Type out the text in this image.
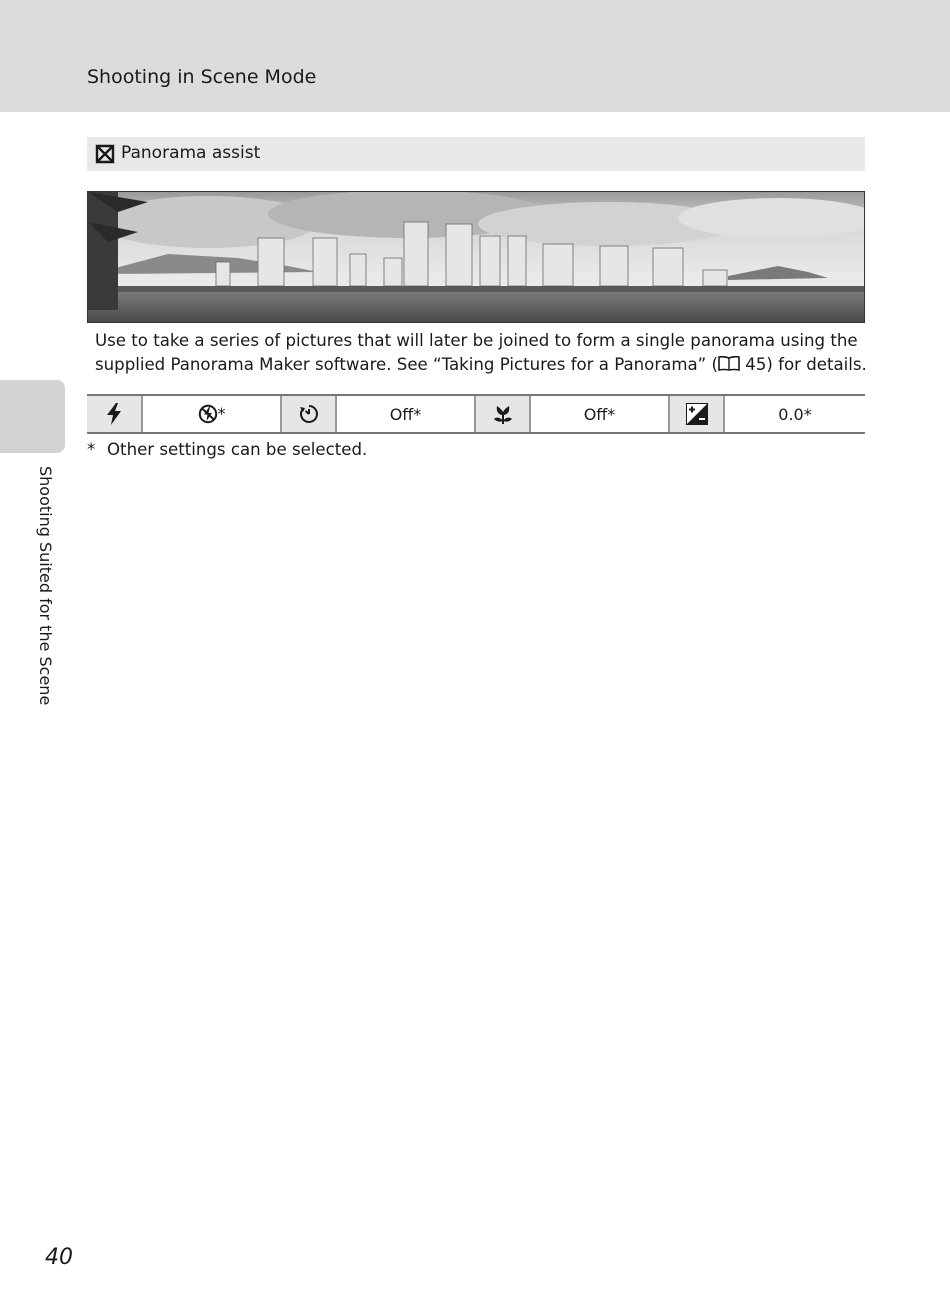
Shooting in Scene Mode
Panorama assist

Use to take a series of pictures that will later be joined to form a single panorama using the

supplied Panorama Maker software. See “Taking Pictures for a Panorama” ( 45) for details.

	*		Off*		Off*		0.0*
* Other settings can be selected.
Shooting Suited for the Scene
40
